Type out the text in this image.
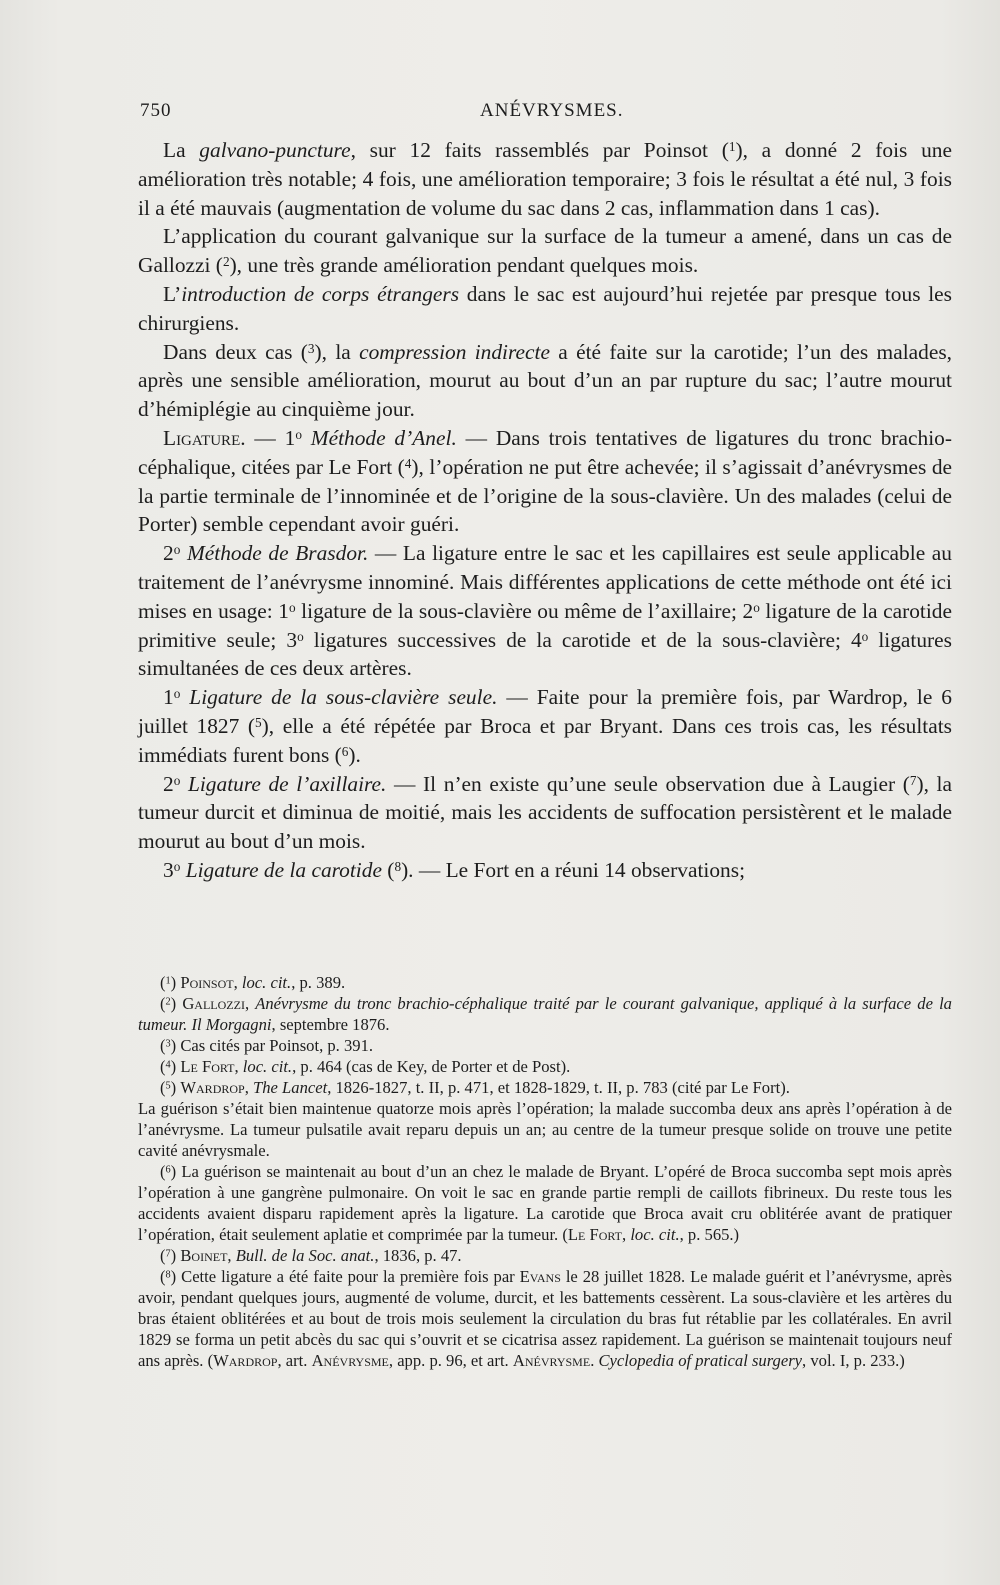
750	ANÉVRYSMES.

La galvano-puncture, sur 12 faits rassemblés par Poinsot ($^1$), a donné 2 fois une amélioration très notable; 4 fois, une amélioration temporaire; 3 fois le résultat a été nul, 3 fois il a été mauvais (augmentation de volume du sac dans 2 cas, inflammation dans 1 cas).

L’application du courant galvanique sur la surface de la tumeur a amené, dans un cas de Gallozzi ($^2$), une très grande amélioration pendant quelques mois.

L’introduction de corps étrangers dans le sac est aujourd’hui rejetée par presque tous les chirurgiens.

Dans deux cas ($^3$), la compression indirecte a été faite sur la carotide; l’un des malades, après une sensible amélioration, mourut au bout d’un an par rupture du sac; l’autre mourut d’hémiplégie au cinquième jour.

Ligature. — 1$^o$ Méthode d’Anel. — Dans trois tentatives de ligatures du tronc brachio-céphalique, citées par Le Fort ($^4$), l’opération ne put être achevée; il s’agissait d’anévrysmes de la partie terminale de l’innominée et de l’origine de la sous-clavière. Un des malades (celui de Porter) semble cependant avoir guéri.

2$^o$ Méthode de Brasdor. — La ligature entre le sac et les capillaires est seule applicable au traitement de l’anévrysme innominé. Mais différentes applications de cette méthode ont été ici mises en usage: 1$^o$ ligature de la sous-clavière ou même de l’axillaire; 2$^o$ ligature de la carotide primitive seule; 3$^o$ ligatures successives de la carotide et de la sous-clavière; 4$^o$ ligatures simultanées de ces deux artères.

1$^o$ Ligature de la sous-clavière seule. — Faite pour la première fois, par Wardrop, le 6 juillet 1827 ($^5$), elle a été répétée par Broca et par Bryant. Dans ces trois cas, les résultats immédiats furent bons ($^6$).

2$^o$ Ligature de l’axillaire. — Il n’en existe qu’une seule observation due à Laugier ($^7$), la tumeur durcit et diminua de moitié, mais les accidents de suffocation persistèrent et le malade mourut au bout d’un mois.

3$^o$ Ligature de la carotide ($^8$). — Le Fort en a réuni 14 observations;

($^1$) Poinsot, loc. cit., p. 389.

($^2$) Gallozzi, Anévrysme du tronc brachio-céphalique traité par le courant galvanique, appliqué à la surface de la tumeur. Il Morgagni, septembre 1876.

($^3$) Cas cités par Poinsot, p. 391.

($^4$) Le Fort, loc. cit., p. 464 (cas de Key, de Porter et de Post).

($^5$) Wardrop, The Lancet, 1826-1827, t. II, p. 471, et 1828-1829, t. II, p. 783 (cité par Le Fort).

La guérison s’était bien maintenue quatorze mois après l’opération; la malade succomba deux ans après l’opération à de l’anévrysme. La tumeur pulsatile avait reparu depuis un an; au centre de la tumeur presque solide on trouve une petite cavité anévrysmale.

($^6$) La guérison se maintenait au bout d’un an chez le malade de Bryant. L’opéré de Broca succomba sept mois après l’opération à une gangrène pulmonaire. On voit le sac en grande partie rempli de caillots fibrineux. Du reste tous les accidents avaient disparu rapidement après la ligature. La carotide que Broca avait cru oblitérée avant de pratiquer l’opération, était seulement aplatie et comprimée par la tumeur. (Le Fort, loc. cit., p. 565.)

($^7$) Boinet, Bull. de la Soc. anat., 1836, p. 47.

($^8$) Cette ligature a été faite pour la première fois par Evans le 28 juillet 1828. Le malade guérit et l’anévrysme, après avoir, pendant quelques jours, augmenté de volume, durcit, et les battements cessèrent. La sous-clavière et les artères du bras étaient oblitérées et au bout de trois mois seulement la circulation du bras fut rétablie par les collatérales. En avril 1829 se forma un petit abcès du sac qui s’ouvrit et se cicatrisa assez rapidement. La guérison se maintenait toujours neuf ans après. (Wardrop, art. Anévrysme, app. p. 96, et art. Anévrysme. Cyclopedia of pratical surgery, vol. I, p. 233.)
